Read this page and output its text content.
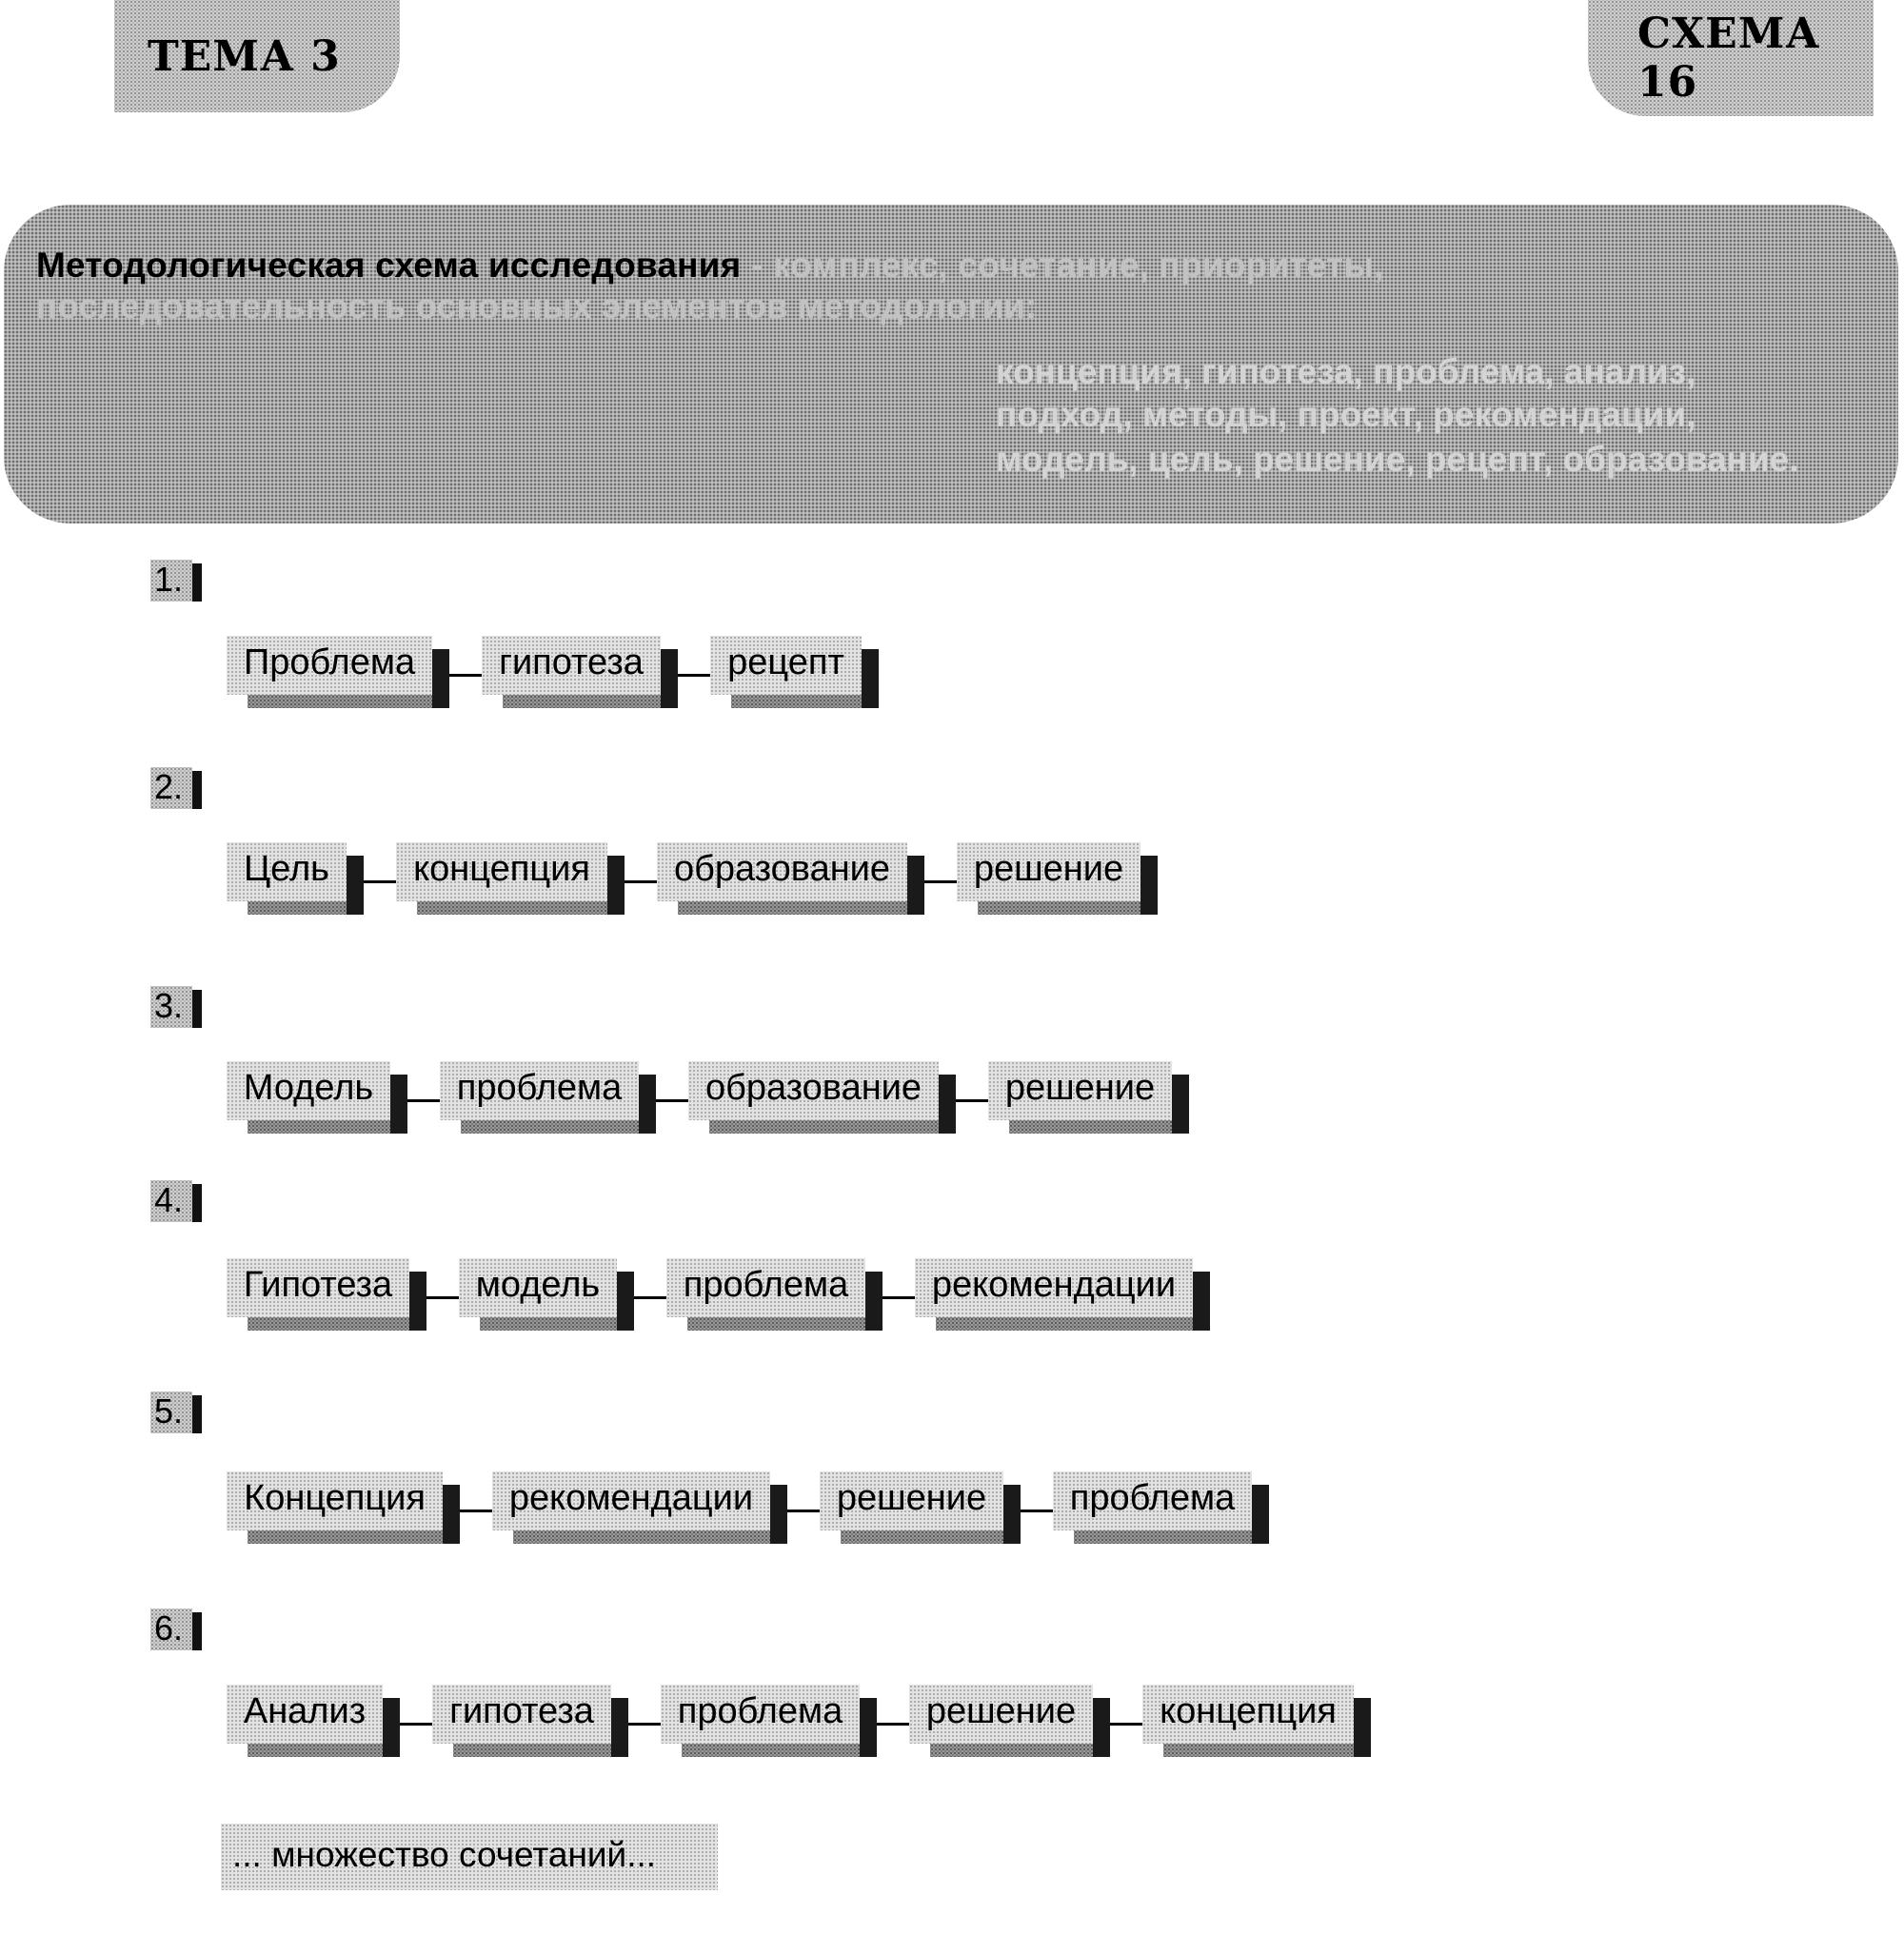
ТЕМА 3	СХЕМА 16
Методологическая схема исследования - комплекс, сочетание, приоритеты,
последовательность основных элементов методологии:
концепция, гипотеза, проблема, анализ,
подход, методы, проект, рекомендации,
модель, цель, решение, рецепт, образование.
1.
Проблема	гипотеза	рецепт
2.
Цель	концепция	образование	решение
3.
Модель	проблема	образование	решение
4.
Гипотеза	модель	проблема	рекомендации
5.
Концепция	рекомендации	решение	проблема
6.
Анализ	гипотеза	проблема	решение	концепция
... множество сочетаний...
